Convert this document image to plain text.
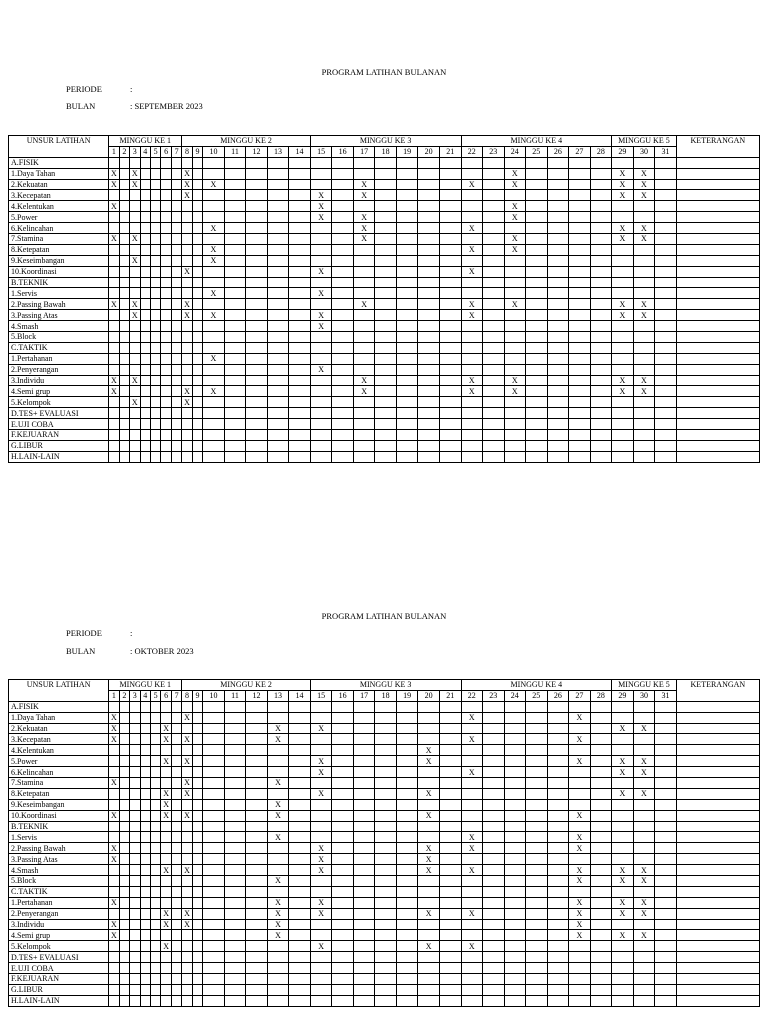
PROGRAM LATIHAN BULANAN
PERIODE	:
BULAN	: SEPTEMBER 2023
UNSUR LATIHAN	MINGGU KE 1							MINGGU KE 2							MINGGU KE 3							MINGGU KE 4							MINGGU KE 5			KETERANGAN
	1	2	3	4	5	6	7	8	9	10	11	12	13	14	15	16	17	18	19	20	21	22	23	24	25	26	27	28	29	30	31	
A.FISIK																																
1.Daya Tahan	X		X					X																X					X	X		
2.Kekuatan	X		X					X		X							X					X		X					X	X		
3.Kecepatan								X							X		X												X	X		
4.Kelentukan	X														X									X								
5.Power															X		X							X								
6.Kelincahan										X							X					X							X	X		
7.Stamina	X		X														X							X					X	X		
8.Ketepatan										X												X		X								
9.Keseimbangan			X							X																						
10.Koordinasi								X							X							X										
B.TEKNIK																																
1.Servis										X					X																	
2.Passing Bawah	X		X					X									X					X		X					X	X		
3.Passing Atas			X					X		X					X							X							X	X		
4.Smash															X																	
5.Block																																
C.TAKTIK																																
1.Pertahanan										X																						
2.Penyerangan															X																	
3.Individu	X		X														X					X		X					X	X		
4.Semi grup	X							X		X							X					X		X					X	X		
5.Kelompok			X					X																								
D.TES+ EVALUASI																																
E.UJI COBA																																
F.KEJUARAN																																
G.LIBUR																																
H.LAIN-LAIN																																
PROGRAM LATIHAN BULANAN
PERIODE	:
BULAN	: OKTOBER 2023
UNSUR LATIHAN	MINGGU KE 1							MINGGU KE 2							MINGGU KE 3							MINGGU KE 4							MINGGU KE 5			KETERANGAN
	1	2	3	4	5	6	7	8	9	10	11	12	13	14	15	16	17	18	19	20	21	22	23	24	25	26	27	28	29	30	31	
A.FISIK																																
1.Daya Tahan	X							X														X					X					
2.Kekuatan	X					X							X		X														X	X		
3.Kecepatan	X					X		X					X									X					X					
4.Kelentukan																				X												
5.Power						X		X							X					X							X		X	X		
6.Kelincahan															X							X							X	X		
7.Stamina	X							X					X																			
8.Ketepatan						X		X							X					X									X	X		
9.Keseimbangan						X							X																			
10.Koordinasi	X					X		X					X							X							X					
B.TEKNIK																																
1.Servis													X									X					X					
2.Passing Bawah	X														X					X		X					X					
3.Passing Atas	X														X					X												
4.Smash						X		X							X					X		X					X		X	X		
5.Block													X														X		X	X		
C.TAKTIK																																
1.Pertahanan	X												X		X												X		X	X		
2.Penyerangan						X		X					X		X					X		X					X		X	X		
3.Individu	X					X		X					X														X					
4.Semi grup	X												X														X		X	X		
5.Kelompok						X									X					X		X										
D.TES+ EVALUASI																																
E.UJI COBA																																
F.KEJUARAN																																
G.LIBUR																																
H.LAIN-LAIN																																
